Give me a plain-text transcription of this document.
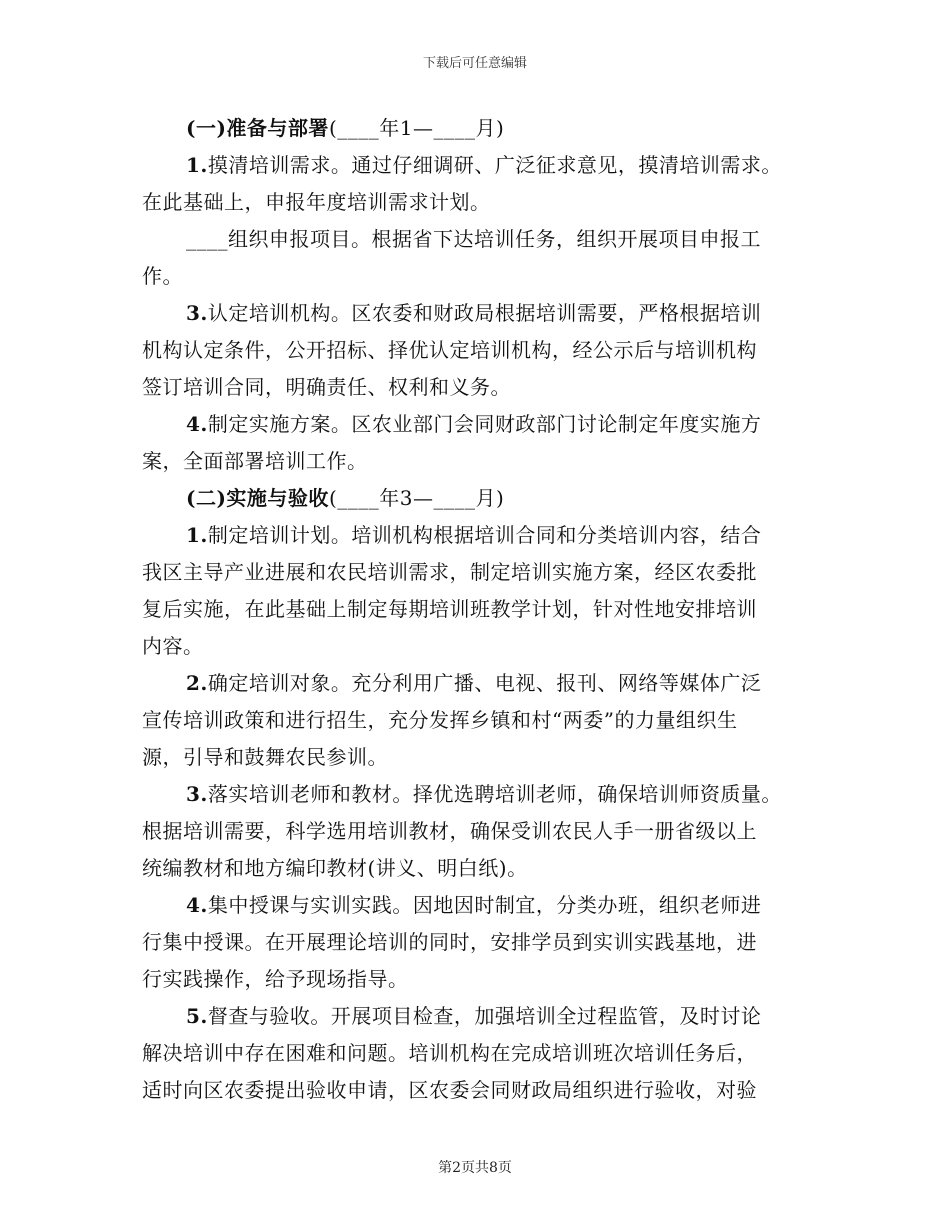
下载后可任意编辑
(一)准备与部署(____年1—____月)
1.摸清培训需求。通过仔细调研、广泛征求意见，摸清培训需求。
在此基础上，申报年度培训需求计划。
____组织申报项目。根据省下达培训任务，组织开展项目申报工
作。
3.认定培训机构。区农委和财政局根据培训需要，严格根据培训
机构认定条件，公开招标、择优认定培训机构，经公示后与培训机构
签订培训合同，明确责任、权利和义务。
4.制定实施方案。区农业部门会同财政部门讨论制定年度实施方
案，全面部署培训工作。
(二)实施与验收(____年3—____月)
1.制定培训计划。培训机构根据培训合同和分类培训内容，结合
我区主导产业进展和农民培训需求，制定培训实施方案，经区农委批
复后实施，在此基础上制定每期培训班教学计划，针对性地安排培训
内容。
2.确定培训对象。充分利用广播、电视、报刊、网络等媒体广泛
宣传培训政策和进行招生，充分发挥乡镇和村“两委”的力量组织生
源，引导和鼓舞农民参训。
3.落实培训老师和教材。择优选聘培训老师，确保培训师资质量。
根据培训需要，科学选用培训教材，确保受训农民人手一册省级以上
统编教材和地方编印教材(讲义、明白纸)。
4.集中授课与实训实践。因地因时制宜，分类办班，组织老师进
行集中授课。在开展理论培训的同时，安排学员到实训实践基地，进
行实践操作，给予现场指导。
5.督查与验收。开展项目检查，加强培训全过程监管，及时讨论
解决培训中存在困难和问题。培训机构在完成培训班次培训任务后，
适时向区农委提出验收申请，区农委会同财政局组织进行验收，对验
第2页共8页
